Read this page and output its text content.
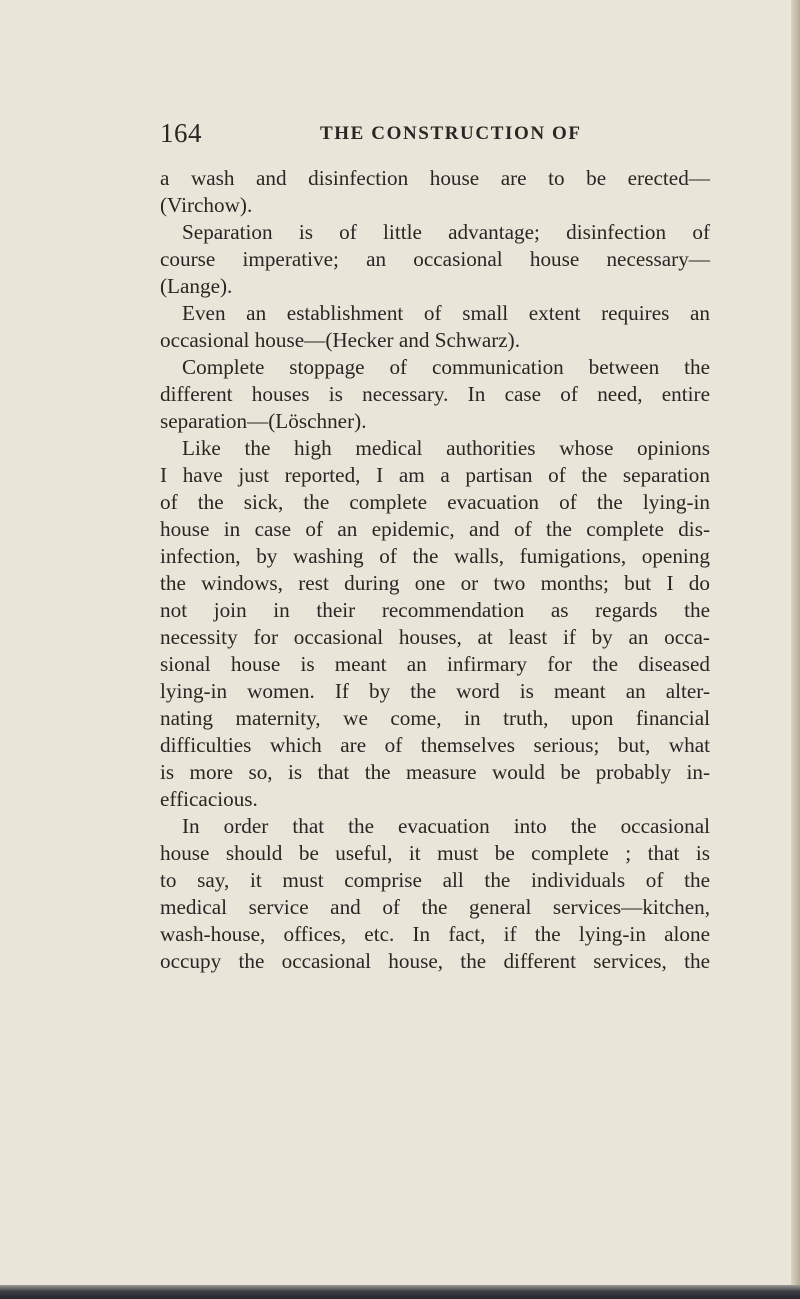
164	THE CONSTRUCTION OF
a wash and disinfection house are to be erected—
(Virchow).
Separation is of little advantage; disinfection of
course imperative; an occasional house necessary—
(Lange).
Even an establishment of small extent requires an
occasional house—(Hecker and Schwarz).
Complete stoppage of communication between the
different houses is necessary. In case of need, entire
separation—(Löschner).
Like the high medical authorities whose opinions
I have just reported, I am a partisan of the separation
of the sick, the complete evacuation of the lying-in
house in case of an epidemic, and of the complete dis-
infection, by washing of the walls, fumigations, opening
the windows, rest during one or two months; but I do
not join in their recommendation as regards the
necessity for occasional houses, at least if by an occa-
sional house is meant an infirmary for the diseased
lying-in women. If by the word is meant an alter-
nating maternity, we come, in truth, upon financial
difficulties which are of themselves serious; but, what
is more so, is that the measure would be probably in-
efficacious.
In order that the evacuation into the occasional
house should be useful, it must be complete ; that is
to say, it must comprise all the individuals of the
medical service and of the general services—kitchen,
wash-house, offices, etc. In fact, if the lying-in alone
occupy the occasional house, the different services, the
